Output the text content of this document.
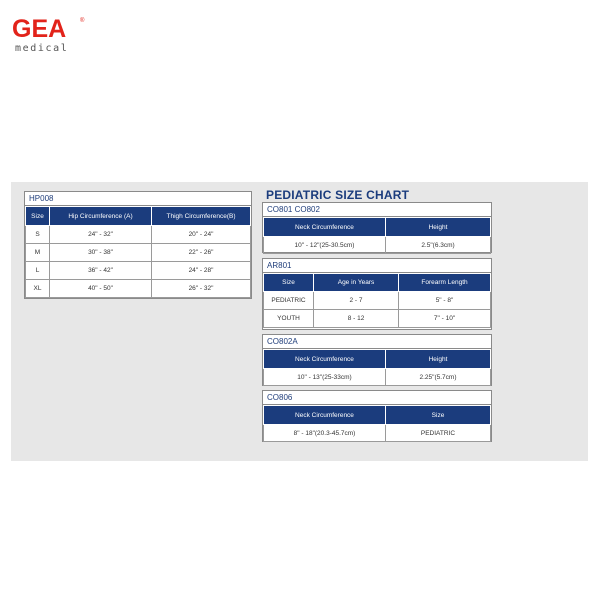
GEA ®
medical
HP008
Size	Hip Circumference (A)	Thigh Circumference(B)
S	24" - 32"	20" - 24"
M	30" - 38"	22" - 26"
L	36" - 42"	24" - 28"
XL	40" - 50"	26" - 32"
PEDIATRIC SIZE CHART
CO801 CO802
Neck Circumference	Height
10" - 12"(25-30.5cm)	2.5"(6.3cm)
AR801
Size	Age in Years	Forearm Length
PEDIATRIC	2 - 7	5" - 8"
YOUTH	8 - 12	7" - 10"
CO802A
Neck Circumference	Height
10" - 13"(25-33cm)	2.25"(5.7cm)
CO806
Neck Circumference	Size
8" - 18"(20.3-45.7cm)	PEDIATRIC
